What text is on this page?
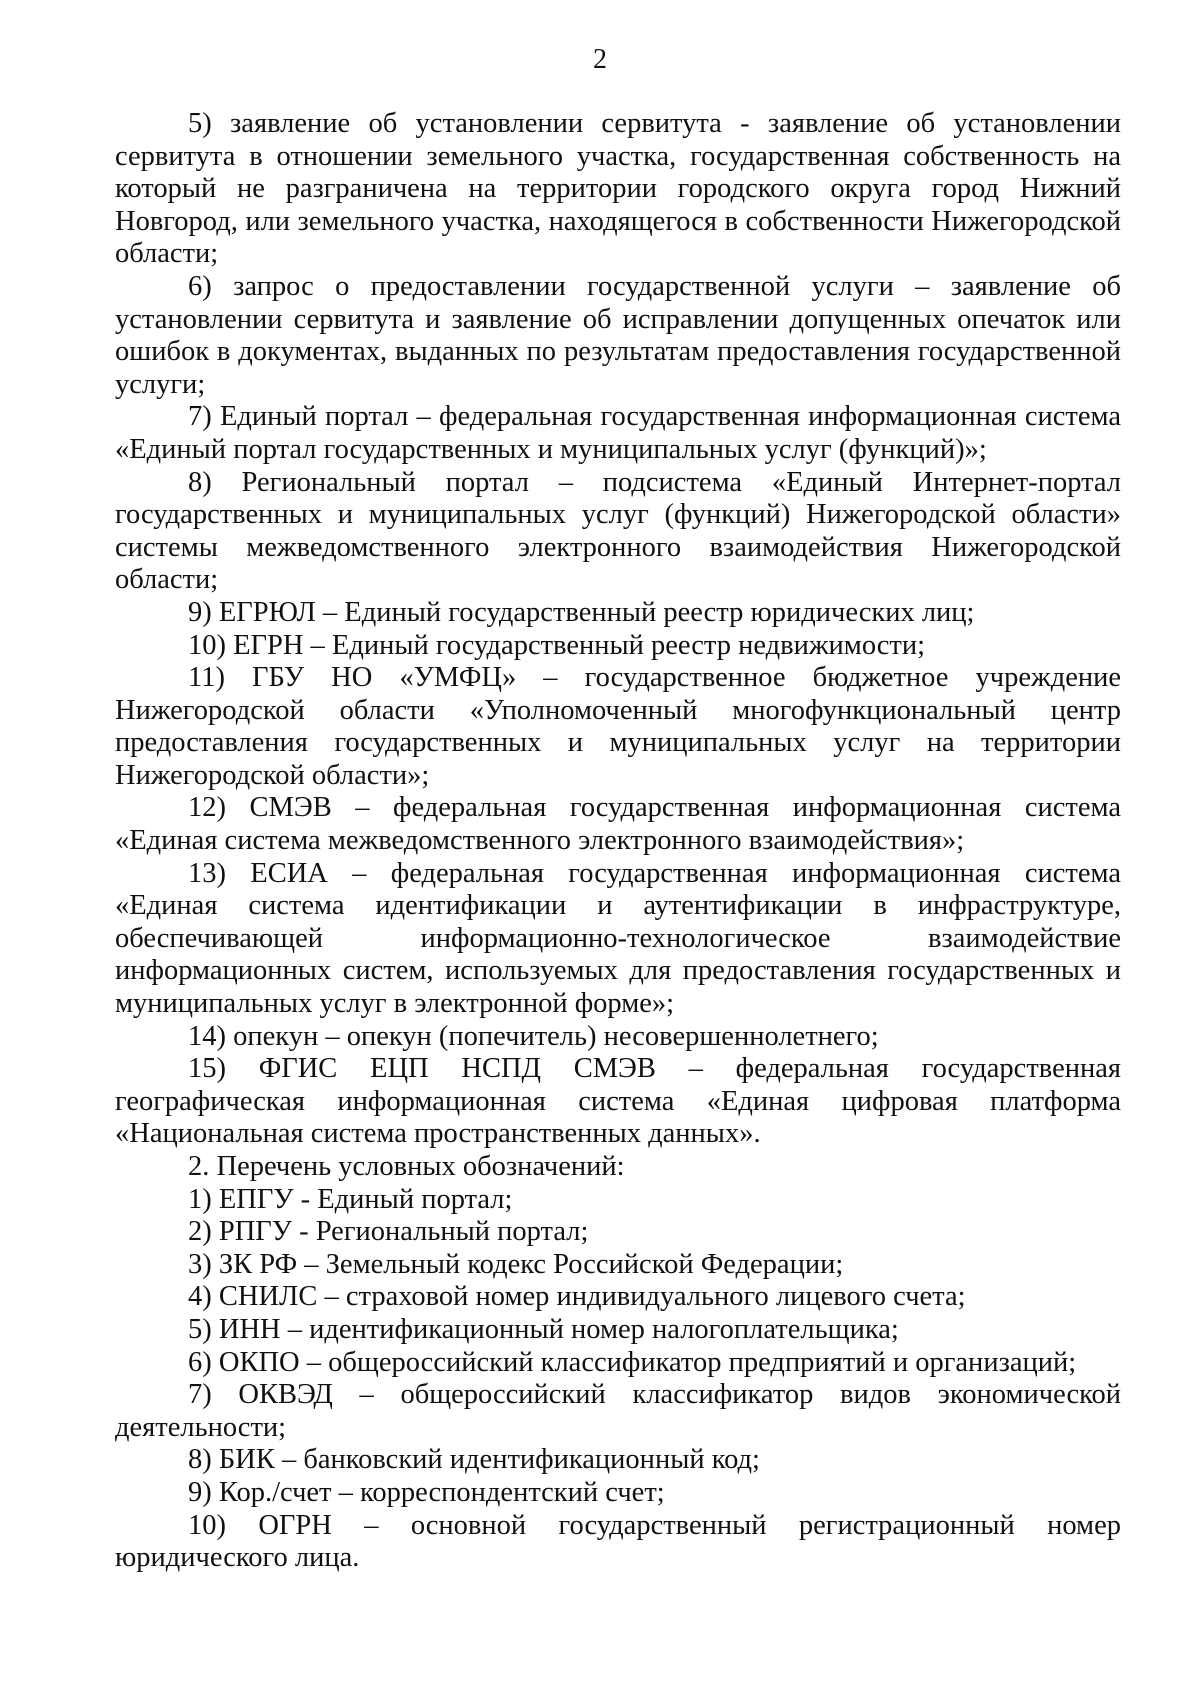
2

5) заявление об установлении сервитута - заявление об установлении сервитута в отношении земельного участка, государственная собственность на который не разграничена на территории городского округа город Нижний Новгород, или земельного участка, находящегося в собственности Нижегородской области;

6) запрос о предоставлении государственной услуги – заявление об установлении сервитута и заявление об исправлении допущенных опечаток или ошибок в документах, выданных по результатам предоставления государственной услуги;

7) Единый портал – федеральная государственная информационная система «Единый портал государственных и муниципальных услуг (функций)»;

8) Региональный портал – подсистема «Единый Интернет-портал государственных и муниципальных услуг (функций) Нижегородской области» системы межведомственного электронного взаимодействия Нижегородской области;

9) ЕГРЮЛ – Единый государственный реестр юридических лиц;

10) ЕГРН – Единый государственный реестр недвижимости;

11) ГБУ НО «УМФЦ» – государственное бюджетное учреждение Нижегородской области «Уполномоченный многофункциональный центр предоставления государственных и муниципальных услуг на территории Нижегородской области»;

12) СМЭВ – федеральная государственная информационная система «Единая система межведомственного электронного взаимодействия»;

13) ЕСИА – федеральная государственная информационная система «Единая система идентификации и аутентификации в инфраструктуре, обеспечивающей информационно-технологическое взаимодействие информационных систем, используемых для предоставления государственных и муниципальных услуг в электронной форме»;

14) опекун – опекун (попечитель) несовершеннолетнего;

15) ФГИС ЕЦП НСПД СМЭВ – федеральная государственная географическая информационная система «Единая цифровая платформа «Национальная система пространственных данных».

2. Перечень условных обозначений:

1) ЕПГУ - Единый портал;

2) РПГУ - Региональный портал;

3) ЗК РФ – Земельный кодекс Российской Федерации;

4) СНИЛС – страховой номер индивидуального лицевого счета;

5) ИНН – идентификационный номер налогоплательщика;

6) ОКПО – общероссийский классификатор предприятий и организаций;

7) ОКВЭД – общероссийский классификатор видов экономической деятельности;

8) БИК – банковский идентификационный код;

9) Кор./счет – корреспондентский счет;

10) ОГРН – основной государственный регистрационный номер юридического лица.
